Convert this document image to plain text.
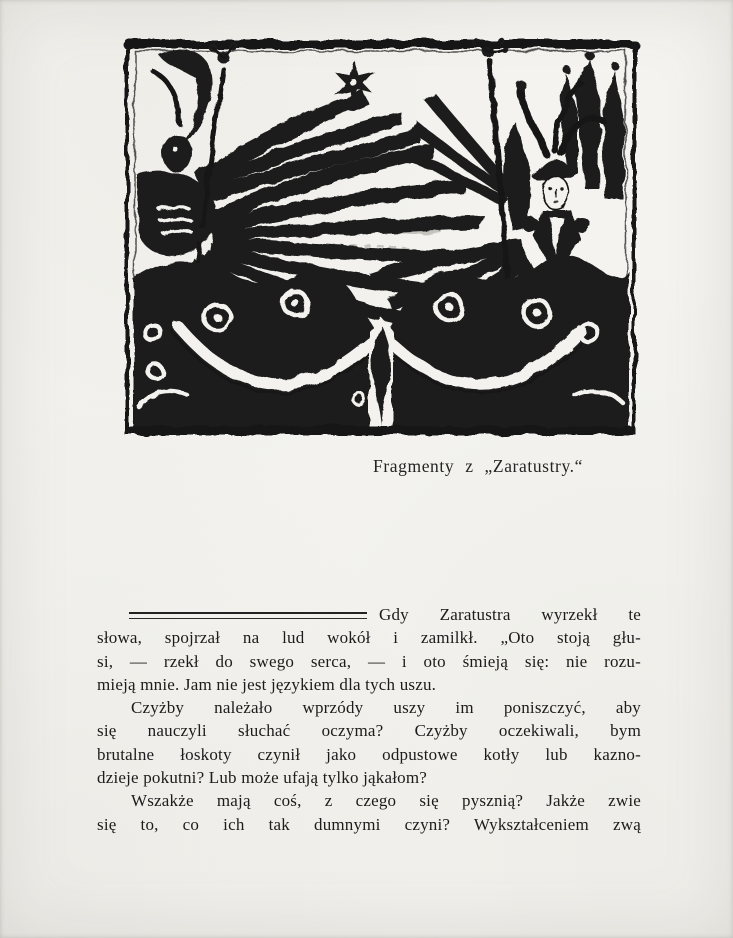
Fragmenty z „Zaratustry.“
Gdy Zaratustra wyrzekł te
słowa, spojrzał na lud wokół i zamilkł. „Oto stoją głu-
si, — rzekł do swego serca, — i oto śmieją się: nie rozu-
mieją mnie. Jam nie jest językiem dla tych uszu.
Czyżby należało wprzódy uszy im poniszczyć, aby
się nauczyli słuchać oczyma? Czyżby oczekiwali, bym
brutalne łoskoty czynił jako odpustowe kotły lub kazno-
dzieje pokutni? Lub może ufają tylko jąkałom?
Wszakże mają coś, z czego się pysznią? Jakże zwie
się to, co ich tak dumnymi czyni? Wykształceniem zwą
